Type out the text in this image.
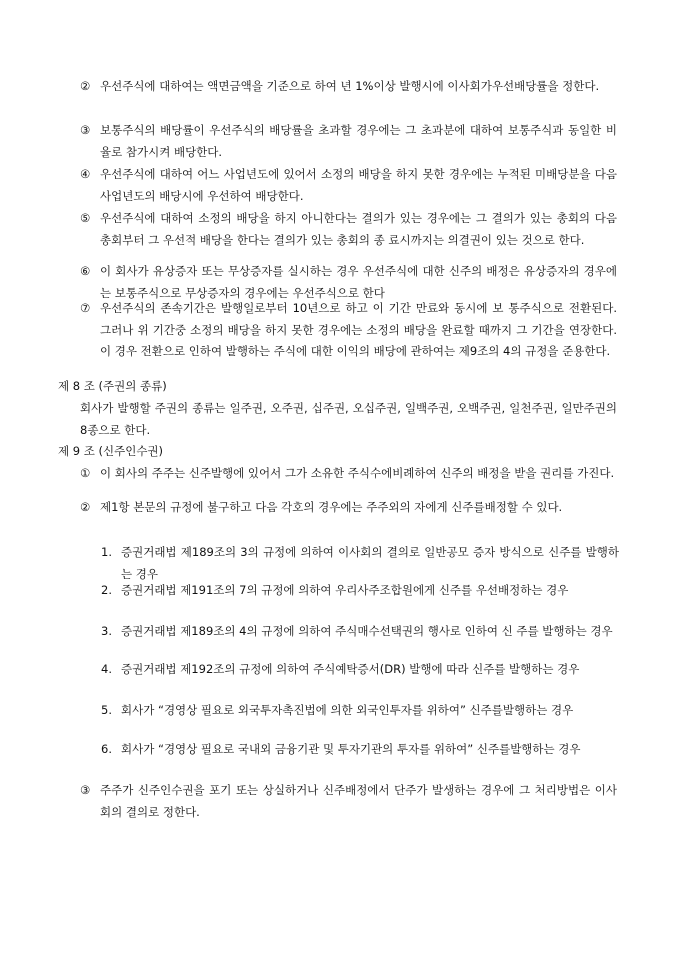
② 우선주식에 대하여는 액면금액을 기준으로 하여 년 1%이상 발행시에 이사회가우선배당률을 정한다.
③ 보통주식의 배당률이 우선주식의 배당률을 초과할 경우에는 그 초과분에 대하여 보통주식과 동일한 비율로 참가시켜 배당한다.
④ 우선주식에 대하여 어느 사업년도에 있어서 소정의 배당을 하지 못한 경우에는 누적된 미배당분을 다음 사업년도의 배당시에 우선하여 배당한다.
⑤ 우선주식에 대하여 소정의 배당을 하지 아니한다는 결의가 있는 경우에는 그 결의가 있는 총회의 다음 총회부터 그 우선적 배당을 한다는 결의가 있는 총회의 종 료시까지는 의결권이 있는 것으로 한다.
⑥ 이 회사가 유상증자 또는 무상증자를 실시하는 경우 우선주식에 대한 신주의 배정은 유상증자의 경우에는 보통주식으로 무상증자의 경우에는 우선주식으로 한다
⑦ 우선주식의 존속기간은 발행일로부터 10년으로 하고 이 기간 만료와 동시에 보 통주식으로 전환된다. 그러나 위 기간중 소정의 배당을 하지 못한 경우에는 소정의 배당을 완료할 때까지 그 기간을 연장한다. 이 경우 전환으로 인하여 발행하는 주식에 대한 이익의 배당에 관하여는 제9조의 4의 규정을 준용한다.
제 8 조 (주권의 종류)
회사가 발행할 주권의 종류는 일주권, 오주권, 십주권, 오십주권, 일백주권, 오백주권, 일천주권, 일만주권의 8종으로 한다.
제 9 조 (신주인수권)
① 이 회사의 주주는 신주발행에 있어서 그가 소유한 주식수에비례하여 신주의 배정을 받을 권리를 가진다.
② 제1항 본문의 규정에 불구하고 다음 각호의 경우에는 주주외의 자에게 신주를배정할 수 있다.
1. 증권거래법 제189조의 3의 규정에 의하여 이사회의 결의로 일반공모 증자 방식으로 신주를 발행하는 경우
2. 증권거래법 제191조의 7의 규정에 의하여 우리사주조합원에게 신주를 우선배정하는 경우
3. 증권거래법 제189조의 4의 규정에 의하여 주식매수선택권의 행사로 인하여 신 주를 발행하는 경우
4. 증권거래법 제192조의 규정에 의하여 주식예탁증서(DR) 발행에 따라 신주를 발행하는 경우
5. 회사가 “경영상 필요로 외국투자촉진법에 의한 외국인투자를 위하여” 신주를발행하는 경우
6. 회사가 “경영상 필요로 국내외 금융기관 및 투자기관의 투자를 위하여” 신주를발행하는 경우
③ 주주가 신주인수권을 포기 또는 상실하거나 신주배정에서 단주가 발생하는 경우에 그 처리방법은 이사회의 결의로 정한다.
